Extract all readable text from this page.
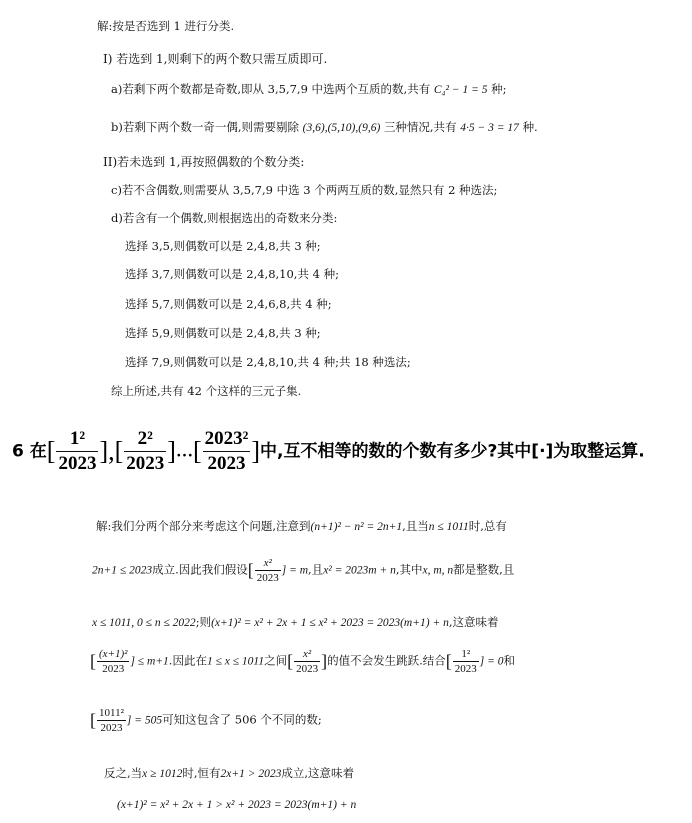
解:按是否选到 1 进行分类.
I) 若选到 1,则剩下的两个数只需互质即可.
a)若剩下两个数都是奇数,即从 3,5,7,9 中选两个互质的数,共有 C₄² − 1 = 5 种;
b)若剩下两个数一奇一偶,则需要剔除 (3,6),(5,10),(9,6) 三种情况,共有 4·5 − 3 = 17 种.
II)若未选到 1,再按照偶数的个数分类:
c)若不含偶数,则需要从 3,5,7,9 中选 3 个两两互质的数,显然只有 2 种选法;
d)若含有一个偶数,则根据选出的奇数来分类:
选择 3,5,则偶数可以是 2,4,8,共 3 种;
选择 3,7,则偶数可以是 2,4,8,10,共 4 种;
选择 5,7,则偶数可以是 2,4,6,8,共 4 种;
选择 5,9,则偶数可以是 2,4,8,共 3 种;
选择 7,9,则偶数可以是 2,4,8,10,共 4 种;共 18 种选法;
综上所述,共有 42 个这样的三元子集.
6 在[ $\frac{\text{1²}}{2023}$ ],[ $\frac{\text{2²}}{2023}$ ]…[ $\frac{\text{2023²}}{2023}$ ]中,互不相等的数的个数有多少?其中[·]为取整运算.
解:我们分两个部分来考虑这个问题,注意到(n+1)² − n² = 2n+1,且当n ≤ 1011时,总有
2n+1 ≤ 2023成立.因此我们假设[ $\frac{\text{x²}}{2023}$ ] = m,且x² = 2023m + n,其中x, m, n都是整数,且
x ≤ 1011, 0 ≤ n ≤ 2022;则(x+1)² = x² + 2x + 1 ≤ x² + 2023 = 2023(m+1) + n,这意味着
[ $\frac{\text{(x+1)²}}{2023}$ ] ≤ m+1.因此在1 ≤ x ≤ 1011之间[ $\frac{\text{x²}}{2023}$ ]的值不会发生跳跃.结合[ $\frac{\text{1²}}{2023}$ ] = 0和
[ $\frac{\text{1011²}}{2023}$ ] = 505可知这包含了 506 个不同的数;
反之,当x ≥ 1012时,恒有2x+1 > 2023成立,这意味着
(x+1)² = x² + 2x + 1 > x² + 2023 = 2023(m+1) + n
